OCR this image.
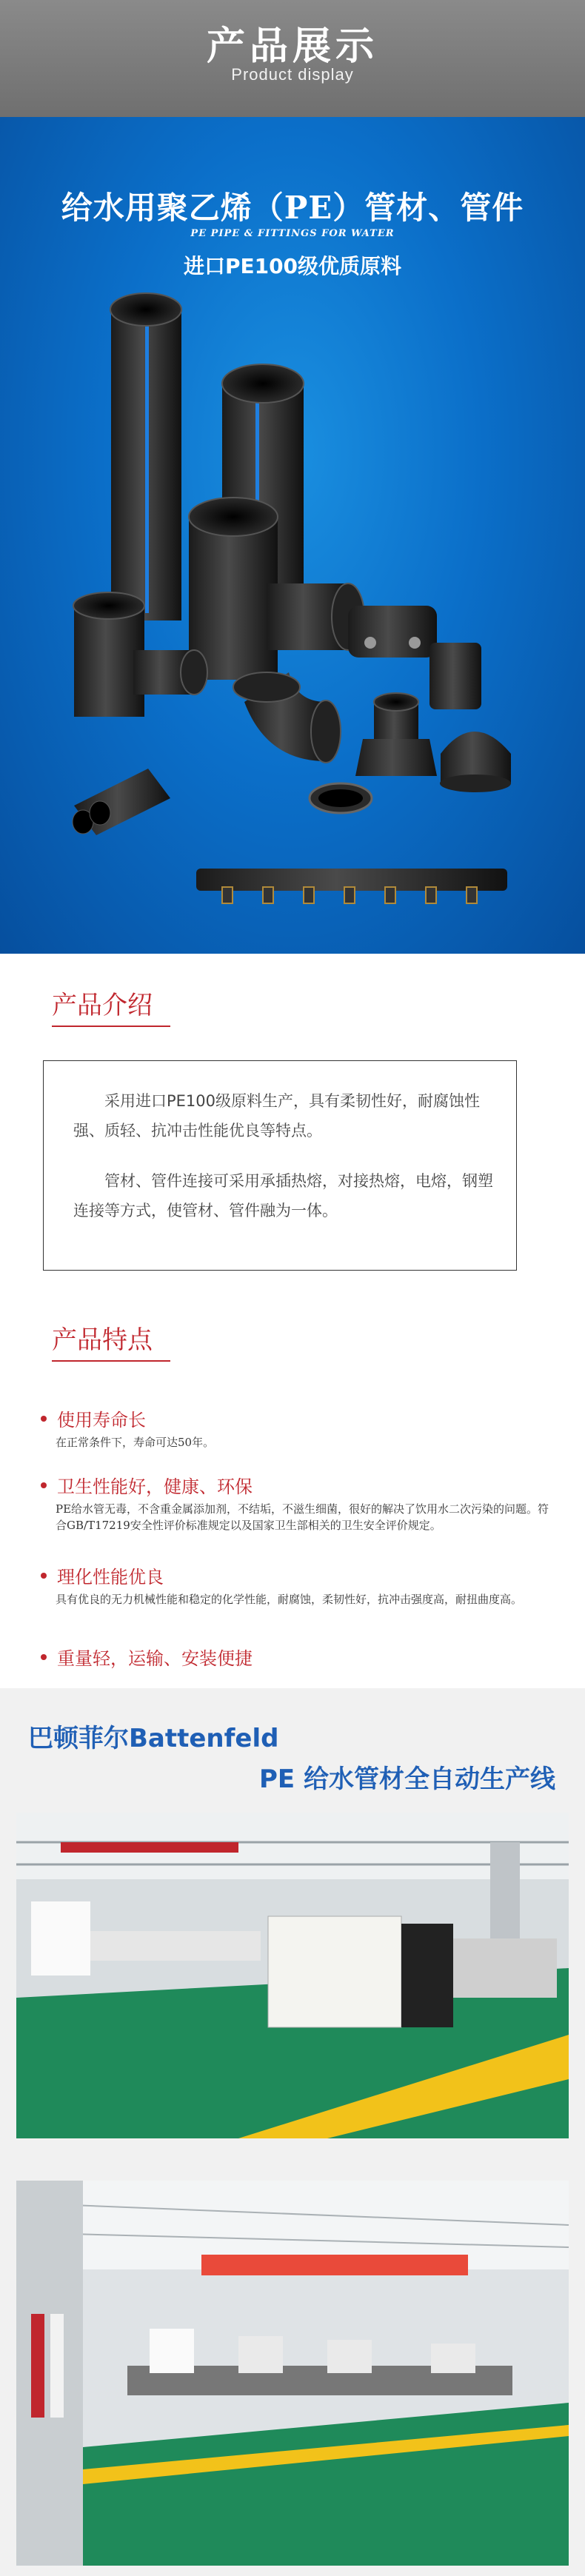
产品展示
Product display
给水用聚乙烯（PE）管材、管件
PE PIPE & FITTINGS FOR WATER
进口PE100级优质原料
产品介绍

采用进口PE100级原料生产，具有柔韧性好，耐腐蚀性强、质轻、抗冲击性能优良等特点。

管材、管件连接可采用承插热熔，对接热熔，电熔，钢塑连接等方式，使管材、管件融为一体。

产品特点
使用寿命长
在正常条件下，寿命可达50年。
卫生性能好，健康、环保
PE给水管无毒，不含重金属添加剂，不结垢，不滋生细菌，很好的解决了饮用水二次污染的问题。符合GB/T17219安全性评价标准规定以及国家卫生部相关的卫生安全评价规定。
理化性能优良
具有优良的无力机械性能和稳定的化学性能，耐腐蚀，柔韧性好，抗冲击强度高，耐扭曲度高。
重量轻，运输、安装便捷
巴顿菲尔Battenfeld
PE 给水管材全自动生产线
